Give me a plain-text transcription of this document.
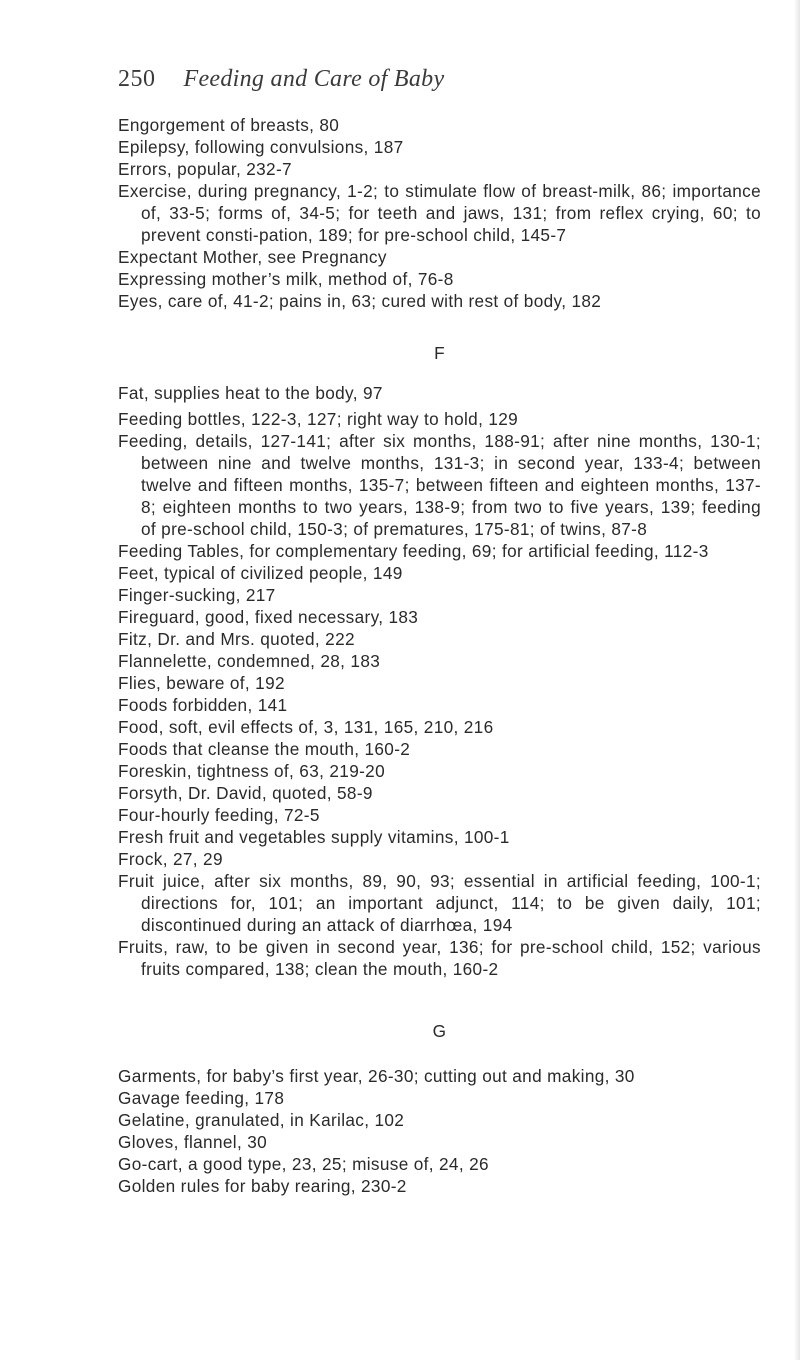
250 Feeding and Care of Baby
Engorgement of breasts, 80
Epilepsy, following convulsions, 187
Errors, popular, 232-7
Exercise, during pregnancy, 1-2; to stimulate flow of breast-milk, 86; importance of, 33-5; forms of, 34-5; for teeth and jaws, 131; from reflex crying, 60; to prevent consti-pation, 189; for pre-school child, 145-7
Expectant Mother, see Pregnancy
Expressing mother’s milk, method of, 76-8
Eyes, care of, 41-2; pains in, 63; cured with rest of body, 182
F
Fat, supplies heat to the body, 97
Feeding bottles, 122-3, 127; right way to hold, 129
Feeding, details, 127-141; after six months, 188-91; after nine months, 130-1; between nine and twelve months, 131-3; in second year, 133-4; between twelve and fifteen months, 135-7; between fifteen and eighteen months, 137-8; eighteen months to two years, 138-9; from two to five years, 139; feeding of pre-school child, 150-3; of prematures, 175-81; of twins, 87-8
Feeding Tables, for complementary feeding, 69; for artificial feeding, 112-3
Feet, typical of civilized people, 149
Finger-sucking, 217
Fireguard, good, fixed necessary, 183
Fitz, Dr. and Mrs. quoted, 222
Flannelette, condemned, 28, 183
Flies, beware of, 192
Foods forbidden, 141
Food, soft, evil effects of, 3, 131, 165, 210, 216
Foods that cleanse the mouth, 160-2
Foreskin, tightness of, 63, 219-20
Forsyth, Dr. David, quoted, 58-9
Four-hourly feeding, 72-5
Fresh fruit and vegetables supply vitamins, 100-1
Frock, 27, 29
Fruit juice, after six months, 89, 90, 93; essential in artificial feeding, 100-1; directions for, 101; an important adjunct, 114; to be given daily, 101; discontinued during an attack of diarrhœa, 194
Fruits, raw, to be given in second year, 136; for pre-school child, 152; various fruits compared, 138; clean the mouth, 160-2
G
Garments, for baby’s first year, 26-30; cutting out and making, 30
Gavage feeding, 178
Gelatine, granulated, in Karilac, 102
Gloves, flannel, 30
Go-cart, a good type, 23, 25; misuse of, 24, 26
Golden rules for baby rearing, 230-2
